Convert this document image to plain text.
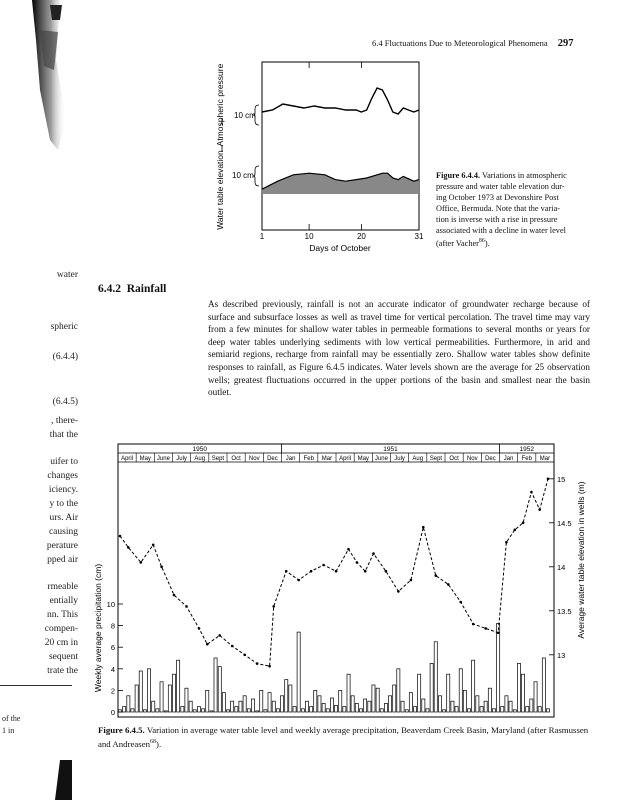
6.4 Fluctuations Due to Meteorological Phenomena 297
water
spheric
(6.4.4)
(6.4.5)
, there-
that the
uifer to
changes
iciency.
y to the
urs. Air
causing
perature
pped air
rmeable
entially
nn. This
compen-
20 cm in
sequent
trate the
of the
1 in
Atmospheric pressure
Water table elevation
10 cm
10 cm
1	10	20	31
Days of October
Figure 6.4.4. Variations in atmospheric
pressure and water table elevation dur-
ing October 1973 at Devonshire Post
Office, Bermuda. Note that the varia-
tion is inverse with a rise in pressure
associated with a decline in water level
(after Vacher$^{86}$).
6.4.2 Rainfall
As described previously, rainfall is not an accurate indicator of groundwater recharge because of surface and subsurface losses as well as travel time for vertical percolation. The travel time may vary from a few minutes for shallow water tables in permeable formations to several months or years for deep water tables underlying sediments with low vertical permeabilities. Furthermore, in arid and semiarid regions, recharge from rainfall may be essentially zero. Shallow water tables show definite responses to rainfall, as Figure 6.4.5 indicates. Water levels shown are the average for 25 observation wells; greatest fluctuations occurred in the upper portions of the basin and smallest near the basin outlet.
1950	1951	1952
April May June July Aug Sept Oct Nov Dec Jan Feb Mar April May June July Aug Sept Oct Nov Dec Jan Feb Mar
0
2
4
6
8
10
13
13.5
14
14.5
15
Weekly average precipitation (cm)	Average water table elevation in wells (m)
Figure 6.4.5. Variation in average water table level and weekly average precipitation, Beaverdam Creek Basin, Maryland (after Rasmussen and Andreasen$^{68}$).
